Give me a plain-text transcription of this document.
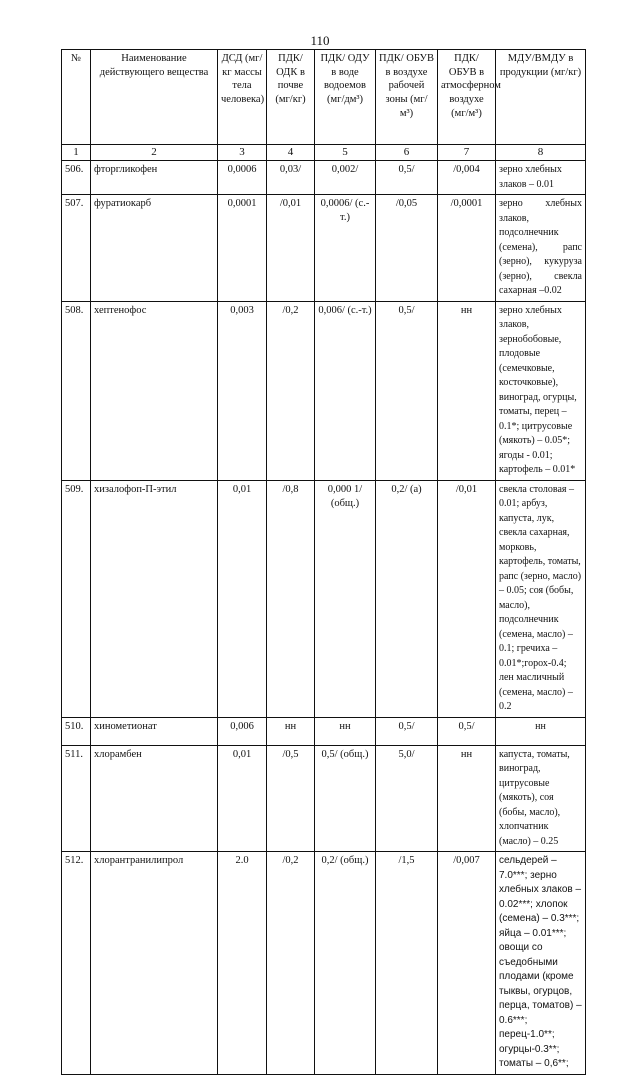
110
№	Наименование действующего вещества	ДСД (мг/кг массы тела человека)	ПДК/ ОДК в почве (мг/кг)	ПДК/ ОДУ в воде водоемов (мг/дм³)	ПДК/ ОБУВ в воздухе рабочей зоны (мг/м³)	ПДК/ ОБУВ в атмосферном воздухе (мг/м³)	МДУ/ВМДУ в продукции (мг/кг)
1	2	3	4	5	6	7	8
506.	фторгликофен	0,0006	0,03/	0,002/	0,5/	/0,004	зерно хлебных злаков – 0.01
507.	фуратиокарб	0,0001	/0,01	0,0006/ (с.-т.)	/0,05	/0,0001	зерно хлебных злаков, подсолнечник (семена), рапс (зерно), кукуруза (зерно), свекла сахарная –0.02
508.	хептенофос	0,003	/0,2	0,006/ (с.-т.)	0,5/	нн	зерно хлебных злаков, зернобобовые, плодовые (семечковые, косточковые), виноград, огурцы, томаты, перец – 0.1*; цитрусовые (мякоть) – 0.05*; ягоды - 0.01; картофель – 0.01*
509.	хизалофоп-П-этил	0,01	/0,8	0,000 1/ (общ.)	0,2/ (а)	/0,01	свекла столовая – 0.01; арбуз, капуста, лук, свекла сахарная, морковь, картофель, томаты, рапс (зерно, масло) – 0.05; соя (бобы, масло), подсолнечник (семена, масло) – 0.1; гречиха – 0.01*;горох-0.4; лен масличный (семена, масло) – 0.2
510.	хинометионат	0,006	нн	нн	0,5/	0,5/	нн
511.	хлорамбен	0,01	/0,5	0,5/ (общ.)	5,0/	нн	капуста, томаты, виноград, цитрусовые (мякоть), соя (бобы, масло), хлопчатник (масло) – 0.25
512.	хлорантранилипрол	2.0	/0,2	0,2/ (общ.)	/1,5	/0,007	сельдерей – 7.0***; зерно хлебных злаков – 0.02***; хлопок (семена) – 0.3***; яйца – 0.01***; овощи со съедобными плодами (кроме тыквы, огурцов, перца, томатов) – 0.6***; перец-1.0**; огурцы-0.3**; томаты – 0,6**;
